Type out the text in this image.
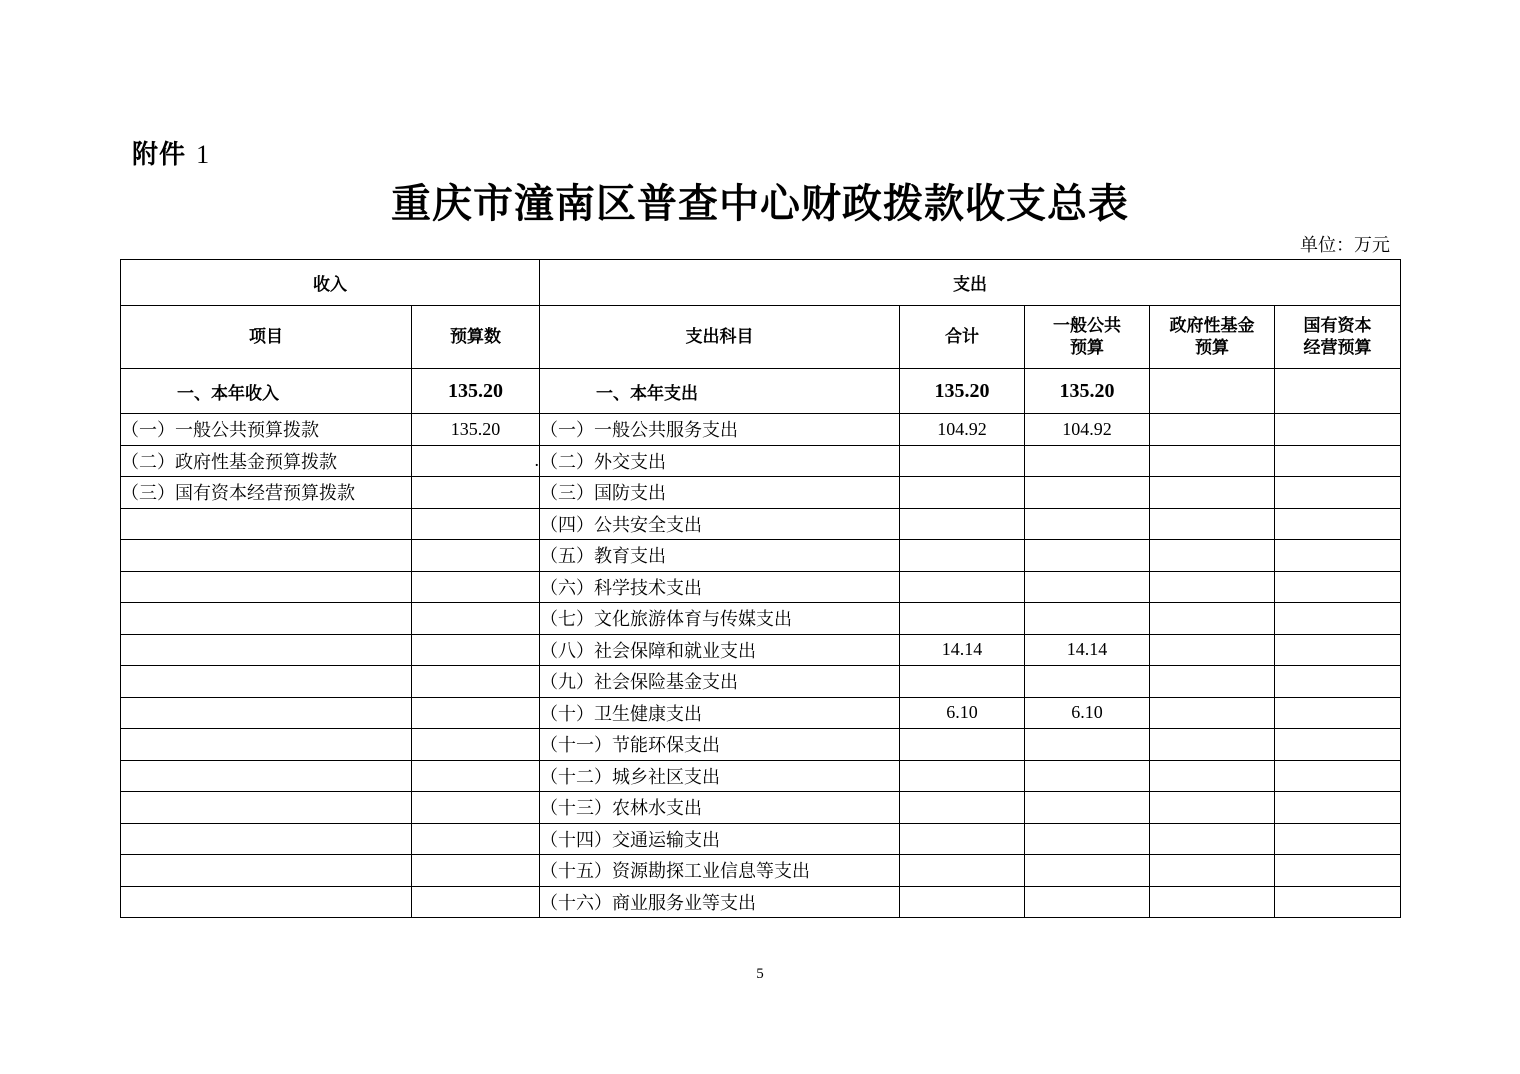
附件 1
重庆市潼南区普查中心财政拨款收支总表
单位：万元
收入		支出				
项目	预算数	支出科目	合计	一般公共预算	政府性基金预算	国有资本经营预算

一、本年收入	135.20	一、本年支出	135.20	135.20		
（一）一般公共预算拨款	135.20	（一）一般公共服务支出	104.92	104.92		
（二）政府性基金预算拨款	.	（二）外交支出				
（三）国有资本经营预算拨款		（三）国防支出				
		（四）公共安全支出				
		（五）教育支出				
		（六）科学技术支出				
		（七）文化旅游体育与传媒支出				
		（八）社会保障和就业支出	14.14	14.14		
		（九）社会保险基金支出				
		（十）卫生健康支出	6.10	6.10		
		（十一）节能环保支出				
		（十二）城乡社区支出				
		（十三）农林水支出				
		（十四）交通运输支出				
		（十五）资源勘探工业信息等支出				
		（十六）商业服务业等支出				
5
